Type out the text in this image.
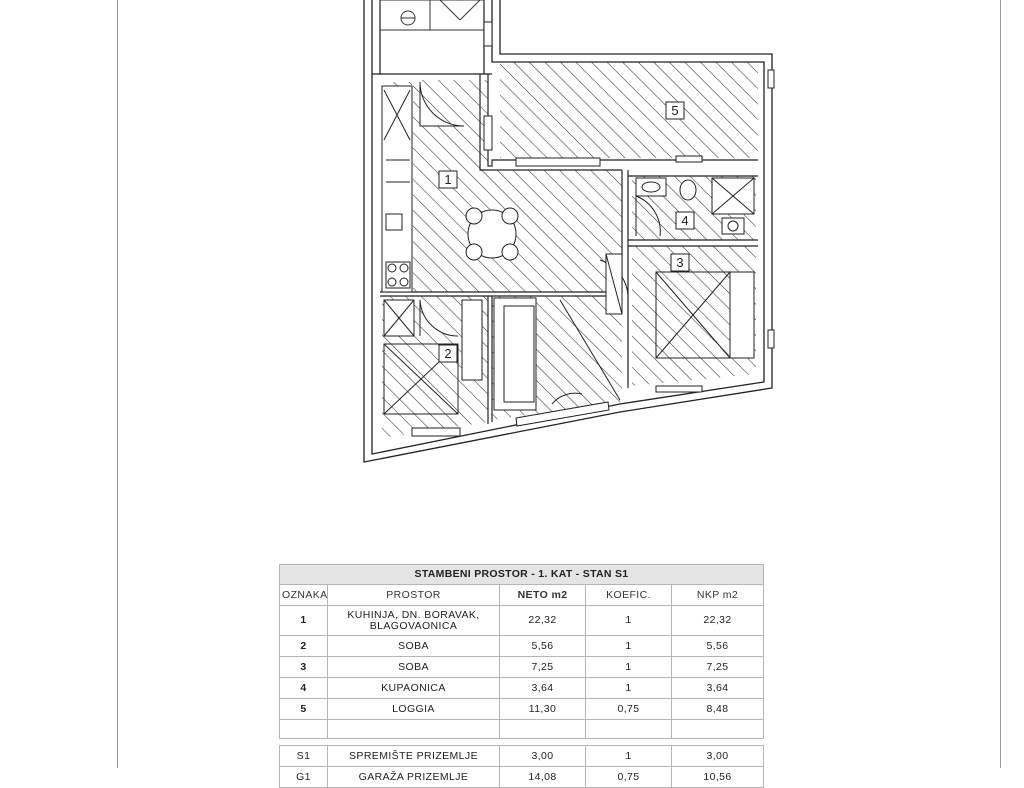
1
2
3
4
5
STAMBENI PROSTOR - 1. KAT - STAN S1				
OZNAKA	PROSTOR	NETO m2	KOEFIC.	NKP m2
1	KUHINJA, DN. BORAVAK, BLAGOVAONICA	22,32	1	22,32
2	SOBA	5,56	1	5,56
3	SOBA	7,25	1	7,25
4	KUPAONICA	3,64	1	3,64
5	LOGGIA	11,30	0,75	8,48

S1	SPREMIŠTE PRIZEMLJE	3,00	1	3,00
G1	GARAŽA PRIZEMLJE	14,08	0,75	10,56
